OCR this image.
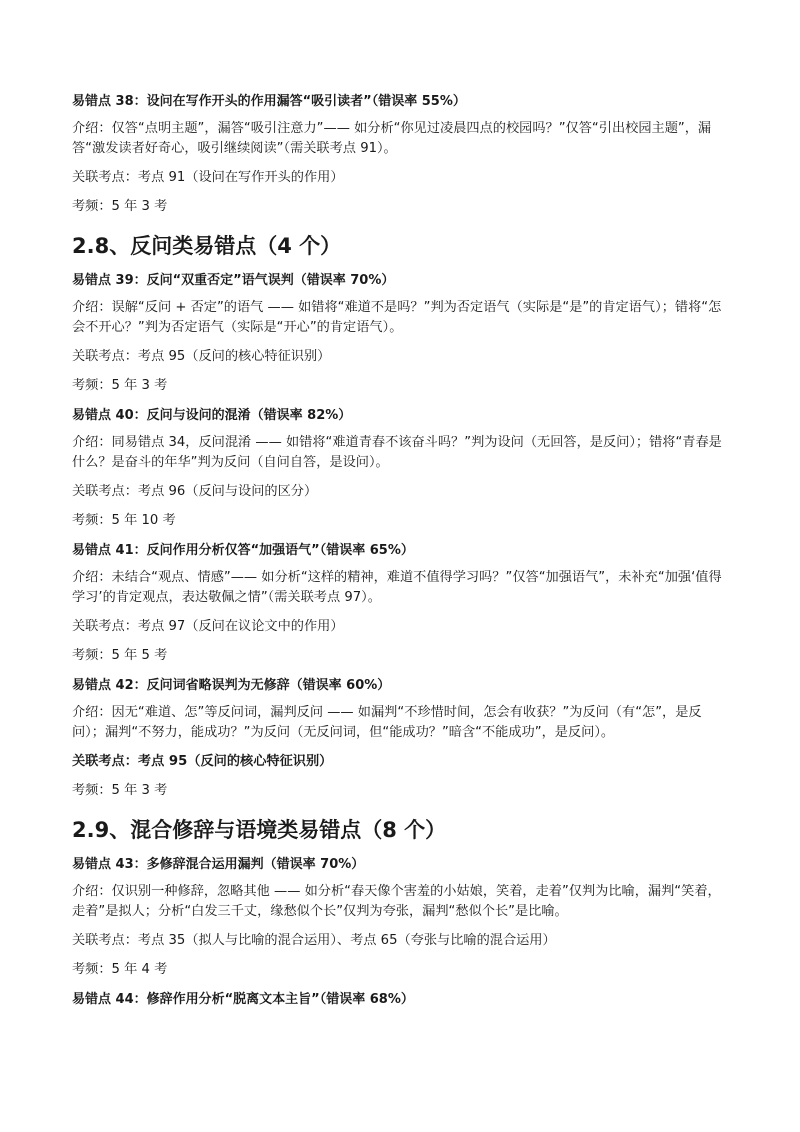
易错点 38：设问在写作开头的作用漏答“吸引读者”（错误率 55%）
介绍：仅答“点明主题”，漏答“吸引注意力”—— 如分析“你见过凌晨四点的校园吗？”仅答“引出校园主题”，漏答“激发读者好奇心，吸引继续阅读”（需关联考点 91）。
关联考点：考点 91（设问在写作开头的作用）
考频：5 年 3 考
2.8、反问类易错点（4 个）
易错点 39：反问“双重否定”语气误判（错误率 70%）
介绍：误解“反问 + 否定”的语气 —— 如错将“难道不是吗？”判为否定语气（实际是“是”的肯定语气）；错将“怎会不开心？”判为否定语气（实际是“开心”的肯定语气）。
关联考点：考点 95（反问的核心特征识别）
考频：5 年 3 考
易错点 40：反问与设问的混淆（错误率 82%）
介绍：同易错点 34，反问混淆 —— 如错将“难道青春不该奋斗吗？”判为设问（无回答，是反问）；错将“青春是什么？是奋斗的年华”判为反问（自问自答，是设问）。
关联考点：考点 96（反问与设问的区分）
考频：5 年 10 考
易错点 41：反问作用分析仅答“加强语气”（错误率 65%）
介绍：未结合“观点、情感”—— 如分析“这样的精神，难道不值得学习吗？”仅答“加强语气”，未补充“加强‘值得学习’的肯定观点，表达敬佩之情”（需关联考点 97）。
关联考点：考点 97（反问在议论文中的作用）
考频：5 年 5 考
易错点 42：反问词省略误判为无修辞（错误率 60%）
介绍：因无“难道、怎”等反问词，漏判反问 —— 如漏判“不珍惜时间，怎会有收获？”为反问（有“怎”，是反问）；漏判“不努力，能成功？”为反问（无反问词，但“能成功？”暗含“不能成功”，是反问）。
关联考点：考点 95（反问的核心特征识别）
考频：5 年 3 考
2.9、混合修辞与语境类易错点（8 个）
易错点 43：多修辞混合运用漏判（错误率 70%）
介绍：仅识别一种修辞，忽略其他 —— 如分析“春天像个害羞的小姑娘，笑着，走着”仅判为比喻，漏判“笑着，走着”是拟人；分析“白发三千丈，缘愁似个长”仅判为夸张，漏判“愁似个长”是比喻。
关联考点：考点 35（拟人与比喻的混合运用）、考点 65（夸张与比喻的混合运用）
考频：5 年 4 考
易错点 44：修辞作用分析“脱离文本主旨”（错误率 68%）
